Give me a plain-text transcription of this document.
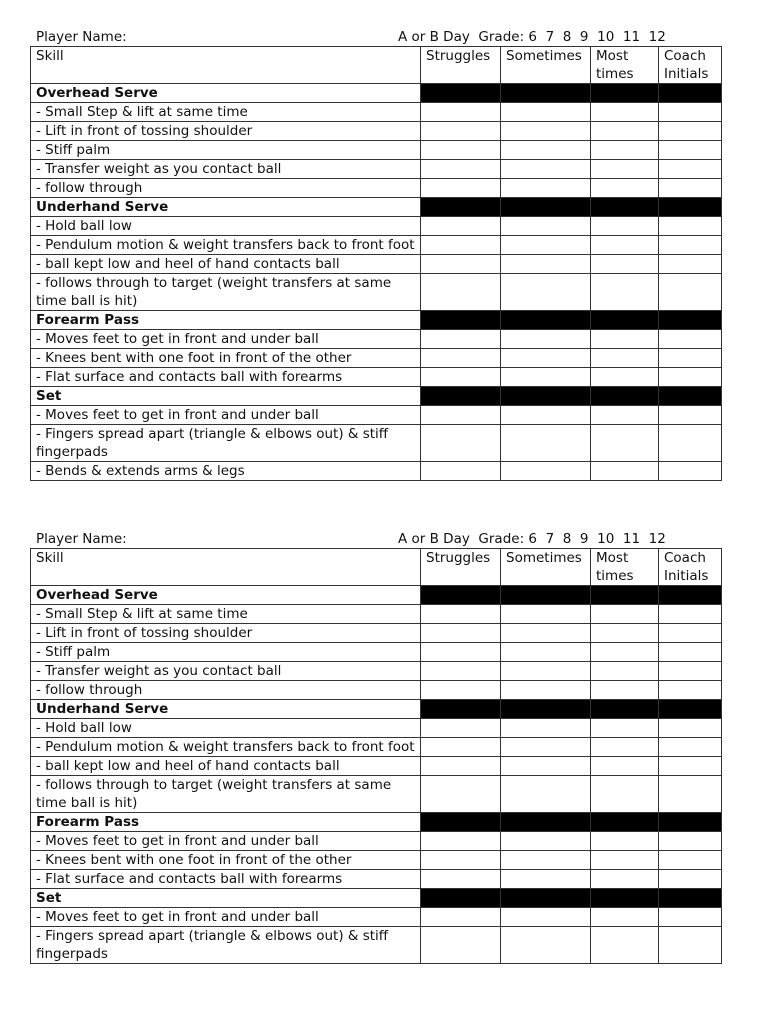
Player Name:	A or B Day  Grade: 6  7  8  9  10  11  12
Skill	Struggles	Sometimes	Most times	Coach Initials
Overhead Serve				
- Small Step & lift at same time				
- Lift in front of tossing shoulder				
- Stiff palm				
- Transfer weight as you contact ball				
- follow through				
Underhand Serve				
- Hold ball low				
- Pendulum motion & weight transfers back to front foot				
- ball kept low and heel of hand contacts ball				
- follows through to target (weight transfers at same time ball is hit)				
Forearm Pass				
- Moves feet to get in front and under ball				
- Knees bent with one foot in front of the other				
- Flat surface and contacts ball with forearms				
Set				
- Moves feet to get in front and under ball				
- Fingers spread apart (triangle & elbows out) & stiff fingerpads				
- Bends & extends arms & legs				
Player Name:	A or B Day  Grade: 6  7  8  9  10  11  12
Skill	Struggles	Sometimes	Most times	Coach Initials
Overhead Serve				
- Small Step & lift at same time				
- Lift in front of tossing shoulder				
- Stiff palm				
- Transfer weight as you contact ball				
- follow through				
Underhand Serve				
- Hold ball low				
- Pendulum motion & weight transfers back to front foot				
- ball kept low and heel of hand contacts ball				
- follows through to target (weight transfers at same time ball is hit)				
Forearm Pass				
- Moves feet to get in front and under ball				
- Knees bent with one foot in front of the other				
- Flat surface and contacts ball with forearms				
Set				
- Moves feet to get in front and under ball				
- Fingers spread apart (triangle & elbows out) & stiff fingerpads				
